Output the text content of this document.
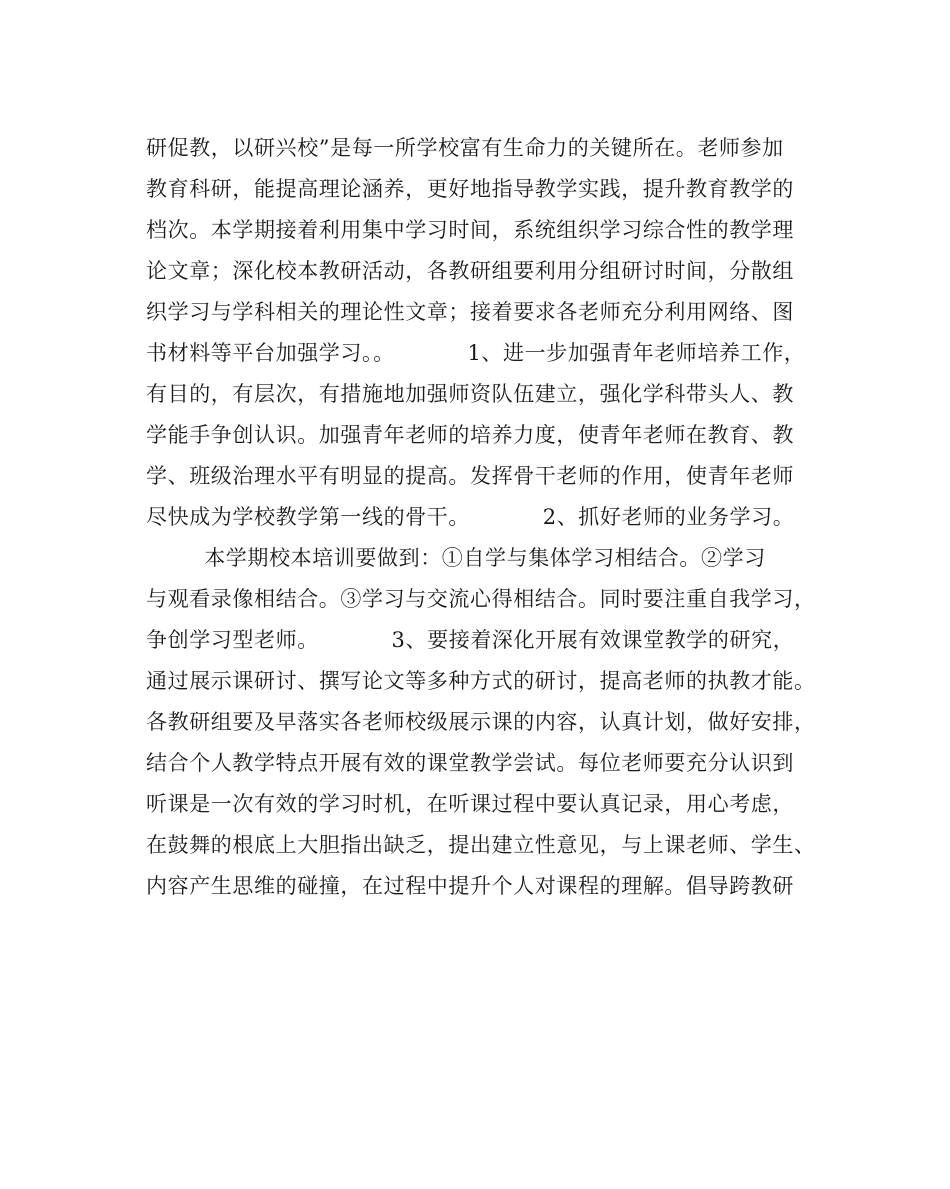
研促教，以研兴校”是每一所学校富有生命力的关键所在。老师参加
教育科研，能提高理论涵养，更好地指导教学实践，提升教育教学的
档次。本学期接着利用集中学习时间，系统组织学习综合性的教学理
论文章；深化校本教研活动，各教研组要利用分组研讨时间，分散组
织学习与学科相关的理论性文章；接着要求各老师充分利用网络、图
书材料等平台加强学习。。          1、进一步加强青年老师培养工作，
有目的，有层次，有措施地加强师资队伍建立，强化学科带头人、教
学能手争创认识。加强青年老师的培养力度，使青年老师在教育、教
学、班级治理水平有明显的提高。发挥骨干老师的作用，使青年老师
尽快成为学校教学第一线的骨干。          2、抓好老师的业务学习。
本学期校本培训要做到：①自学与集体学习相结合。②学习
与观看录像相结合。③学习与交流心得相结合。同时要注重自我学习，
争创学习型老师。          3、要接着深化开展有效课堂教学的研究，
通过展示课研讨、撰写论文等多种方式的研讨，提高老师的执教才能。
各教研组要及早落实各老师校级展示课的内容，认真计划，做好安排，
结合个人教学特点开展有效的课堂教学尝试。每位老师要充分认识到
听课是一次有效的学习时机，在听课过程中要认真记录，用心考虑，
在鼓舞的根底上大胆指出缺乏，提出建立性意见，与上课老师、学生、
内容产生思维的碰撞，在过程中提升个人对课程的理解。倡导跨教研
